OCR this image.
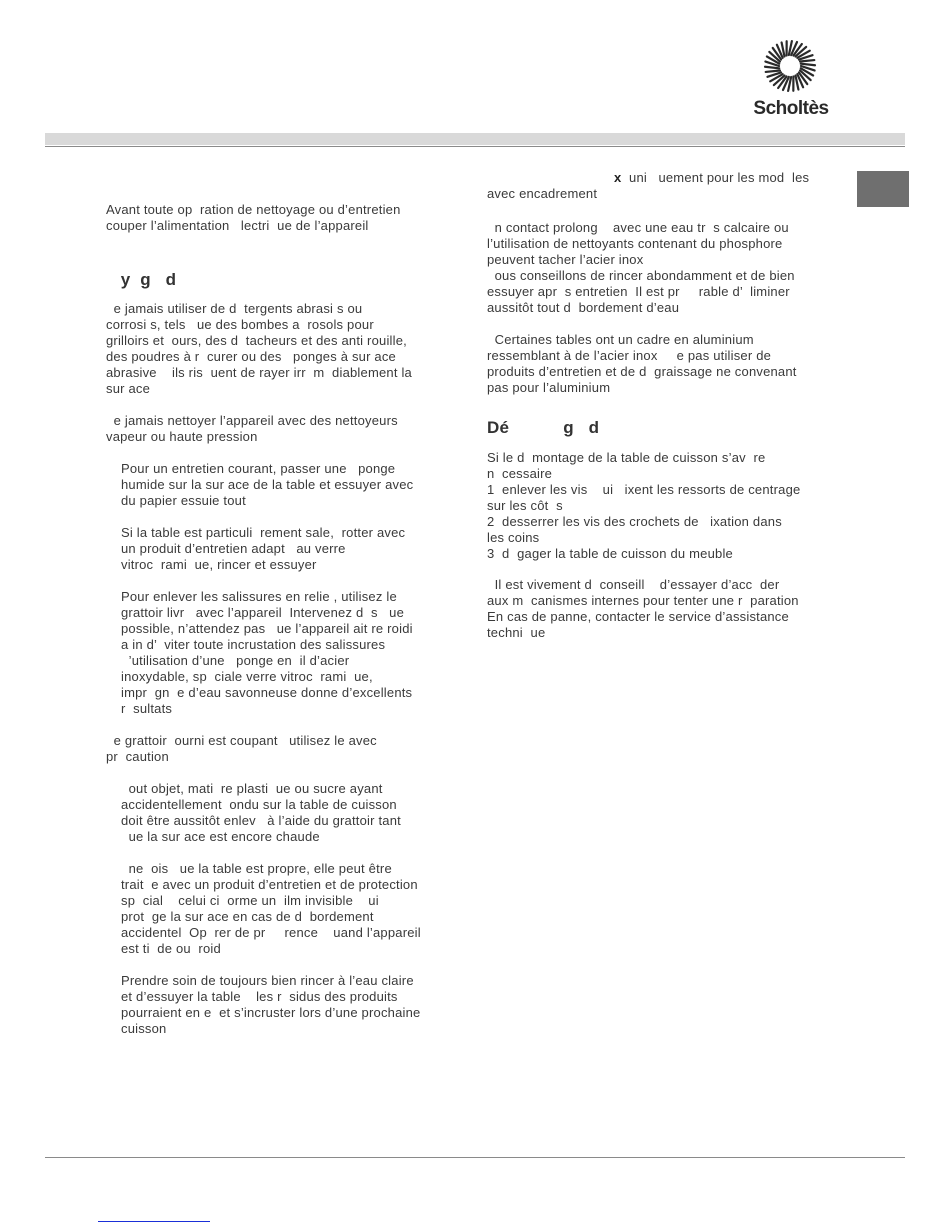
Scholtès

Avant toute op  ration de nettoyage ou d’entretien

couper l’alimentation   lectri  ue de l’appareil

y  g   d

e jamais utiliser de d  tergents abrasi s ou

corrosi s, tels   ue des bombes a  rosols pour

grilloirs et  ours, des d  tacheurs et des anti rouille,

des poudres à r  curer ou des   ponges à sur ace

abrasive    ils ris  uent de rayer irr  m  diablement la

sur ace

e jamais nettoyer l’appareil avec des nettoyeurs

vapeur ou haute pression

Pour un entretien courant, passer une   ponge

humide sur la sur ace de la table et essuyer avec

du papier essuie tout

Si la table est particuli  rement sale,  rotter avec

un produit d’entretien adapt   au verre

vitroc  rami  ue, rincer et essuyer

Pour enlever les salissures en relie , utilisez le

grattoir livr   avec l’appareil  Intervenez d  s   ue

possible, n’attendez pas   ue l’appareil ait re roidi

a in d’  viter toute incrustation des salissures

’utilisation d’une   ponge en  il d’acier

inoxydable, sp  ciale verre vitroc  rami  ue,

impr  gn  e d’eau savonneuse donne d’excellents

r  sultats

e grattoir  ourni est coupant   utilisez le avec

pr  caution

out objet, mati  re plasti  ue ou sucre ayant

accidentellement  ondu sur la table de cuisson

doit être aussitôt enlev   à l’aide du grattoir tant

ue la sur ace est encore chaude

ne  ois   ue la table est propre, elle peut être

trait  e avec un produit d’entretien et de protection

sp  cial    celui ci  orme un  ilm invisible    ui

prot  ge la sur ace en cas de d  bordement

accidentel  Op  rer de pr     rence    uand l’appareil

est ti  de ou  roid

Prendre soin de toujours bien rincer à l’eau claire

et d’essuyer la table    les r  sidus des produits

pourraient en e  et s’incruster lors d’une prochaine

cuisson

x  uni   uement pour les mod  les

avec encadrement

n contact prolong    avec une eau tr  s calcaire ou

l’utilisation de nettoyants contenant du phosphore

peuvent tacher l’acier inox

ous conseillons de rincer abondamment et de bien

essuyer apr  s entretien  Il est pr     rable d’  liminer

aussitôt tout d  bordement d’eau

Certaines tables ont un cadre en aluminium

ressemblant à de l’acier inox     e pas utiliser de

produits d’entretien et de d  graissage ne convenant

pas pour l’aluminium

Dé           g   d

Si le d  montage de la table de cuisson s’av  re

n  cessaire

1  enlever les vis    ui   ixent les ressorts de centrage

sur les côt  s

2  desserrer les vis des crochets de   ixation dans

les coins

3  d  gager la table de cuisson du meuble

Il est vivement d  conseill    d’essayer d’acc  der

aux m  canismes internes pour tenter une r  paration

En cas de panne, contacter le service d’assistance

techni  ue
